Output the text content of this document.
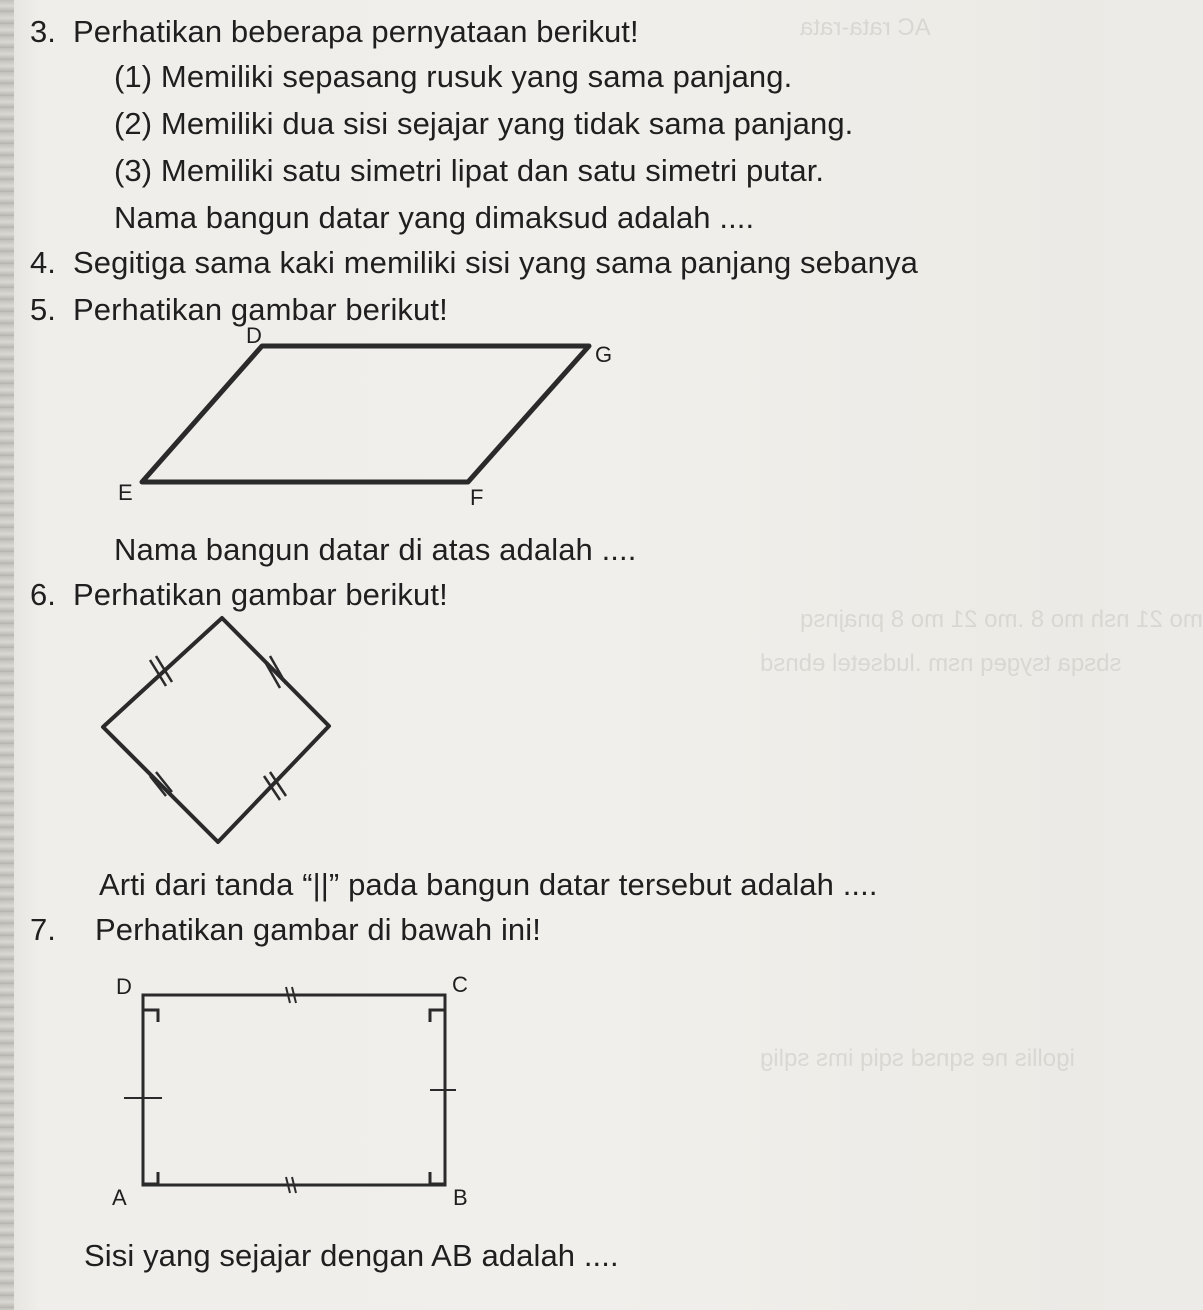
AC rata-rata
mo 21 nsh mo 8 .mo 21 mo 8 pnajnsq
sbsqa tsygeq nsm .ludsetel ebnsd
igollis ne sqnsd sqiq ims sqlig
3. Perhatikan beberapa pernyataan berikut!
(1) Memiliki sepasang rusuk yang sama panjang.
(2) Memiliki dua sisi sejajar yang tidak sama panjang.
(3) Memiliki satu simetri lipat dan satu simetri putar.
Nama bangun datar yang dimaksud adalah ....
4. Segitiga sama kaki memiliki sisi yang sama panjang sebanya
5. Perhatikan gambar berikut!
D
G
E	F
Nama bangun datar di atas adalah ....
6. Perhatikan gambar berikut!
Arti dari tanda “||” pada bangun datar tersebut adalah ....
7. Perhatikan gambar di bawah ini!
D	C
A	B
Sisi yang sejajar dengan AB adalah ....
